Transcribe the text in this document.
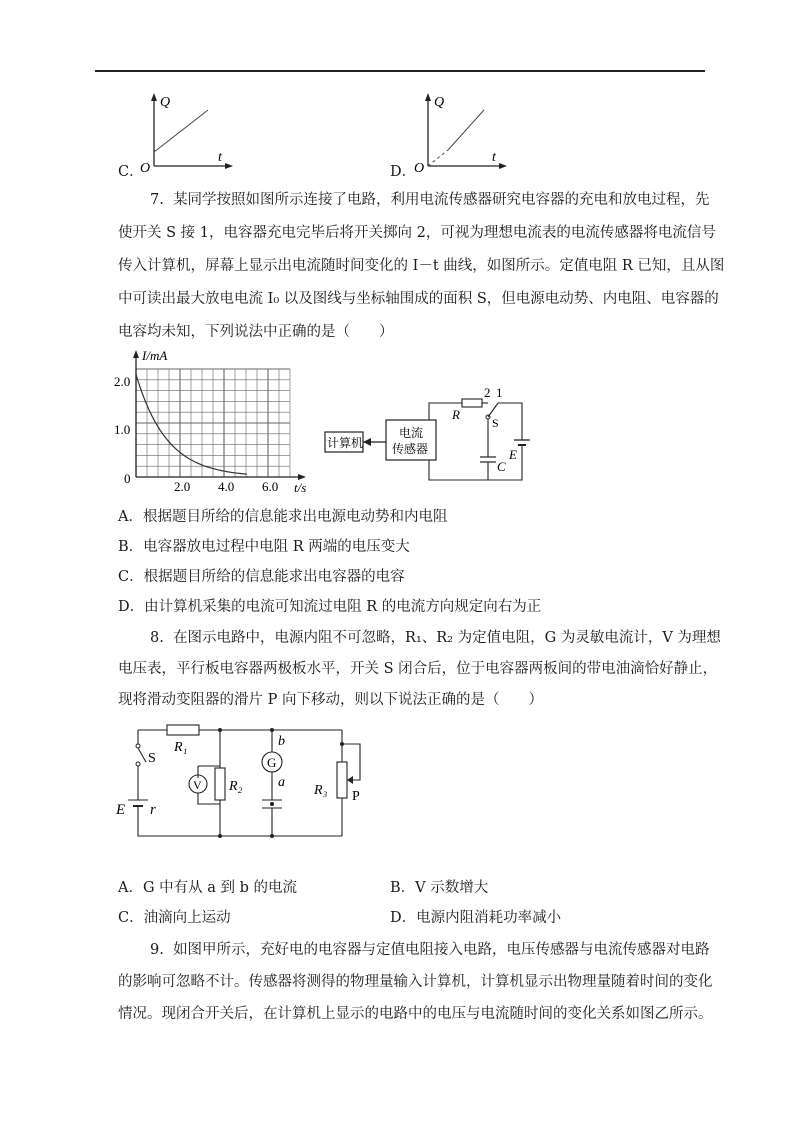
C．
Q
t
O	D．
Q
t
O
7. 某同学按照如图所示连接了电路，利用电流传感器研究电容器的充电和放电过程，先
使开关 S 接 1，电容器充电完毕后将开关掷向 2，可视为理想电流表的电流传感器将电流信号
传入计算机，屏幕上显示出电流随时间变化的 I－t 曲线，如图所示。定值电阻 R 已知，且从图
中可读出最大放电电流 I₀ 以及图线与坐标轴围成的面积 S，但电源电动势、内电阻、电容器的
电容均未知，下列说法中正确的是（　　）
I/mA
t/s
2.0
1.0
0
2.0 4.0 6.0
计算机
电流
传感器
R
2 1
S
E
C
A．根据题目所给的信息能求出电源电动势和内电阻
B．电容器放电过程中电阻 R 两端的电压变大
C．根据题目所给的信息能求出电容器的电容
D．由计算机采集的电流可知流过电阻 R 的电流方向规定向右为正
8. 在图示电路中，电源内阻不可忽略，R₁、R₂ 为定值电阻，G 为灵敏电流计，V 为理想
电压表，平行板电容器两极板水平，开关 S 闭合后，位于电容器两板间的带电油滴恰好静止，
现将滑动变阻器的滑片 P 向下移动，则以下说法正确的是（　　）
R₁
S
E r
V R₂
G
b
a
R₃ P
A．G 中有从 a 到 b 的电流	B．V 示数增大
C．油滴向上运动	D．电源内阻消耗功率减小
9. 如图甲所示，充好电的电容器与定值电阻接入电路，电压传感器与电流传感器对电路
的影响可忽略不计。传感器将测得的物理量输入计算机，计算机显示出物理量随着时间的变化
情况。现闭合开关后，在计算机上显示的电路中的电压与电流随时间的变化关系如图乙所示。
